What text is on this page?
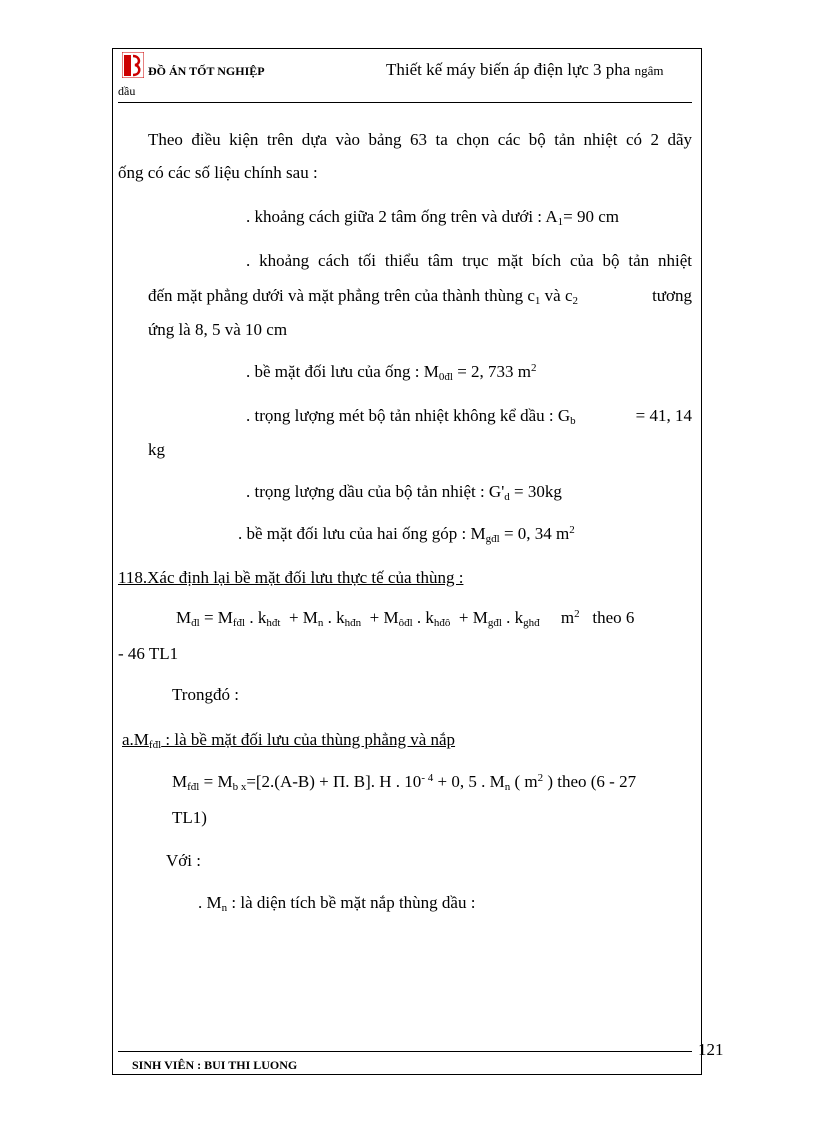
ĐỒ ÁN TỐT NGHIỆP	Thiết kế máy biến áp điện lực 3 pha ngâm
dầu
Theo điều kiện trên dựa vào bảng 63 ta chọn các bộ tản nhiệt có 2 dãy
ống có các số liệu chính sau :
. khoảng cách giữa 2 tâm ống trên và dưới : $A_1= 90$ cm
. khoảng cách tối thiểu tâm trục mặt bích của bộ tản nhiệt
đến mặt phẳng dưới và mặt phẳng trên của thành thùng $c_1$ và $c_2$	tương
ứng là 8, 5 và 10 cm
. bề mặt đối lưu của ống : $M_{0đl} = 2$, 733 $m^2$
. trọng lượng mét bộ tản nhiệt không kể dầu : $G_b$	= 41, 14
kg
. trọng lượng dầu của bộ tản nhiệt : $G'_d = 30kg$
. bề mặt đối lưu của hai ống góp : $M_{gđl} = 0$, 34 $m^2$
118.Xác định lại bề mặt đối lưu thực tế của thùng :
$M_{đl} = M_{fđl}$ . $k_{hđt} + M_n$ . $k_{hđn} + M_{ôđl}$ . $k_{hđô} + M_{gđl}$ . $k_{ghđ}$ $m^2$ theo 6
- 46 TL1
Trongđó :
$a.M_{fđl}$ : là bề mặt đối lưu của thùng phẳng và nắp
$M_{fđl} = M_{b x}=[2.(A-B) + \Pi$. B]. H . $10^{- 4} + 0$, 5 . $M_n$ ( $m^2$ ) theo (6 - 27
TL1)
Với :
. $M_n$ : là diện tích bề mặt nắp thùng dầu :
121
SINH VIÊN : BUI THI LUONG
